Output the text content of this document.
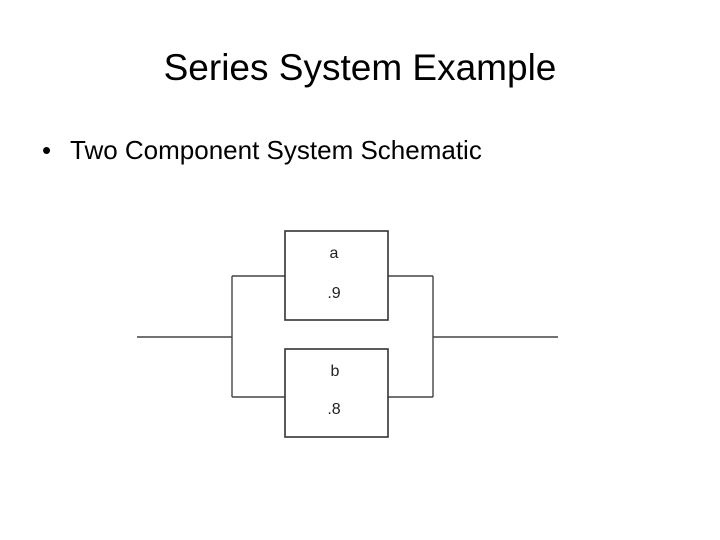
Series System Example
• Two Component System Schematic
a
.9
b
.8
